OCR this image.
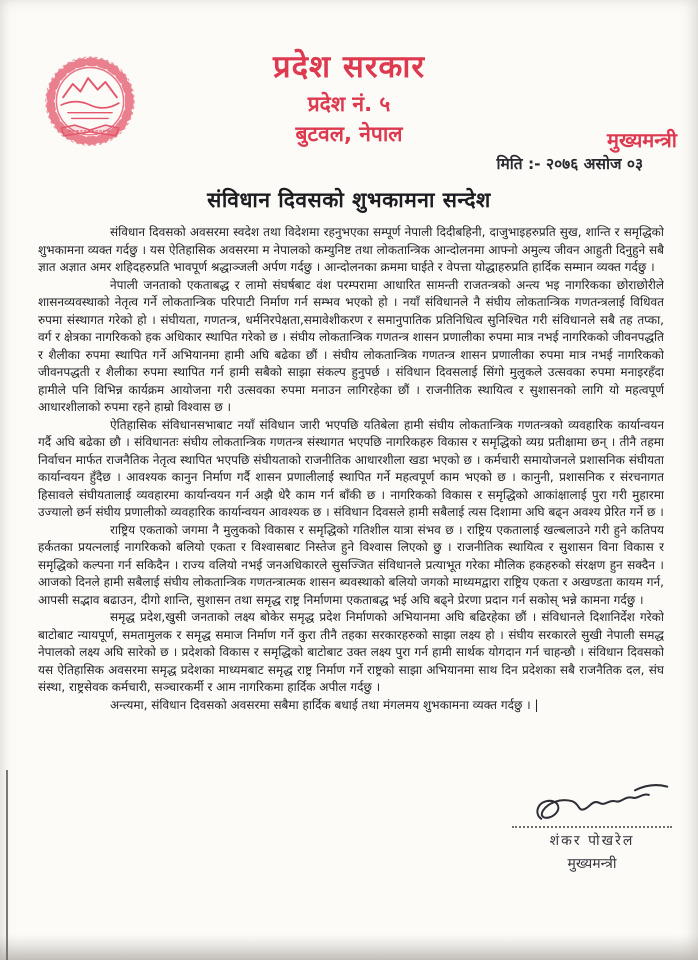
प्रदेश सरकार
प्रदेश नं. ५
बुटवल, नेपाल	मुख्यमन्त्री
मिति :- २०७६ असोज ०३
संविधान दिवसको शुभकामना सन्देश

संविधान दिवसको अवसरमा स्वदेश तथा विदेशमा रहनुभएका सम्पूर्ण नेपाली दिदीबहिनी, दाजुभाइहरुप्रति सुख, शान्ति र समृद्धिको शुभकामना व्यक्त गर्दछु । यस ऐतिहासिक अवसरमा म नेपालको कम्युनिष्ट तथा लोकतान्त्रिक आन्दोलनमा आफ्नो अमुल्य जीवन आहुती दिनुहुने सबै ज्ञात अज्ञात अमर शहिदहरुप्रति भावपूर्ण श्रद्धाञ्जली अर्पण गर्दछु । आन्दोलनका क्रममा घाईते र वेपत्ता योद्धाहरुप्रति हार्दिक सम्मान व्यक्त गर्दछु ।

नेपाली जनताको एकताबद्ध र लामो संघर्षबाट वंश परम्परामा आधारित सामन्ती राजतन्त्रको अन्त्य भइ नागरिकका छोराछोरीले शासनव्यवस्थाको नेतृत्व गर्ने लोकतान्त्रिक परिपाटी निर्माण गर्न सम्भव भएको हो । नयाँ संविधानले नै संघीय लोकतान्त्रिक गणतन्त्रलाई विधिवत रुपमा संस्थागत गरेको हो । संघीयता, गणतन्त्र, धर्मनिरपेक्षता,समावेशीकरण र समानुपातिक प्रतिनिधित्व सुनिश्चित गरी संविधानले सबै तह तप्का, वर्ग र क्षेत्रका नागरिकको हक अधिकार स्थापित गरेको छ । संघीय लोकतान्त्रिक गणतन्त्र शासन प्रणालीका रुपमा मात्र नभई नागरिकको जीवनपद्धति र शैलीका रुपमा स्थापित गर्ने अभियानमा हामी अघि बढेका छौं । संघीय लोकतान्त्रिक गणतन्त्र शासन प्रणालीका रुपमा मात्र नभई नागरिकको जीवनपद्धती र शैलीका रुपमा स्थापित गर्न हामी सबैको साझा संकल्प हुनुपर्छ । संविधान दिवसलाई सिंगो मुलुकले उत्सवका रुपमा मनाइरहँदा हामीले पनि विभिन्न कार्यक्रम आयोजना गरी उत्सवका रुपमा मनाउन लागिरहेका छौं । राजनीतिक स्थायित्व र सुशासनको लागि यो महत्वपूर्ण आधारशीलाको रुपमा रहने हाम्रो विश्वास छ ।

ऐतिहासिक संविधानसभाबाट नयाँ संविधान जारी भएपछि यतिबेला हामी संघीय लोकतान्त्रिक गणतन्त्रको व्यवहारिक कार्यान्वयन गर्दै अघि बढेका छौ । संविधानतः संघीय लोकतान्त्रिक गणतन्त्र संस्थागत भएपछि नागरिकहरु विकास र समृद्धिको व्यग्र प्रतीक्षामा छन् । तीनै तहमा निर्वाचन मार्फत राजनैतिक नेतृत्व स्थापित भएपछि संघीयताको राजनीतिक आधारशीला खडा भएको छ । कर्मचारी समायोजनले प्रशासनिक संघीयता कार्यान्वयन हुँदैछ । आवश्यक कानुन निर्माण गर्दै शासन प्रणालीलाई स्थापित गर्ने महत्वपूर्ण काम भएको छ । कानुनी, प्रशासनिक र संरचनागत हिसावले संघीयतालाई व्यवहारमा कार्यान्वयन गर्न अझै धेरै काम गर्न बाँकी छ । नागरिकको विकास र समृद्धिको आकांक्षालाई पुरा गरी मुहारमा उज्यालो छर्न संघीय प्रणालीको व्यवहारिक कार्यान्वयन आवश्यक छ । संविधान दिवसले हामी सबैलाई त्यस दिशामा अघि बढ्न अवश्य प्रेरित गर्ने छ ।

राष्ट्रिय एकताको जगमा नै मुलुकको विकास र समृद्धिको गतिशील यात्रा संभव छ । राष्ट्रिय एकतालाई खल्बलाउने गरी हुने कतिपय हर्कतका प्रयत्नलाई नागरिकको बलियो एकता र विश्वासबाट निस्तेज हुने विश्वास लिएको छु । राजनीतिक स्थायित्व र सुशासन विना विकास र समृद्धिको कल्पना गर्न सकिदैन । राज्य वलियो नभई जनअधिकारले सुसज्जित संविधानले प्रत्याभूत गरेका मौलिक हकहरुको संरक्षण हुन सक्दैन । आजको दिनले हामी सबैलाई संघीय लोकतान्त्रिक गणतन्त्रात्मक शासन ब्यवस्थाको बलियो जगको माध्यमद्वारा राष्ट्रिय एकता र अखण्डता कायम गर्न, आपसी सद्भाव बढाउन, दीगो शान्ति, सुशासन तथा समृद्ध राष्ट्र निर्माणमा एकताबद्ध भई अघि बढ्ने प्रेरणा प्रदान गर्न सकोस् भन्ने कामना गर्दछु ।

समृद्ध प्रदेश,खुसी जनताको लक्ष्य बोकेर समृद्ध प्रदेश निर्माणको अभियानमा अघि बढिरहेका छौं । संविधानले दिशानिर्देश गरेको बाटोबाट न्यायपूर्ण, समतामुलक र समृद्ध समाज निर्माण गर्ने कुरा तीनै तहका सरकारहरुको साझा लक्ष्य हो । संघीय सरकारले सुखी नेपाली समद्ध नेपालको लक्ष्य अघि सारेको छ । प्रदेशको विकास र समृद्धिको बाटोबाट उक्त लक्ष्य पुरा गर्न हामी सार्थक योगदान गर्न चाहन्छौ । संविधान दिवसको यस ऐतिहासिक अवसरमा समृद्ध प्रदेशका माध्यमबाट समृद्ध राष्ट्र निर्माण गर्ने राष्ट्रको साझा अभियानमा साथ दिन प्रदेशका सबै राजनैतिक दल, संघ संस्था, राष्ट्रसेवक कर्मचारी, सञ्चारकर्मी र आम नागरिकमा हार्दिक अपील गर्दछु ।

अन्त्यमा, संविधान दिवसको अवसरमा सबैमा हार्दिक बधाई तथा मंगलमय शुभकामना व्यक्त गर्दछु । |

शंकर पोखरेल
मुख्यमन्त्री
